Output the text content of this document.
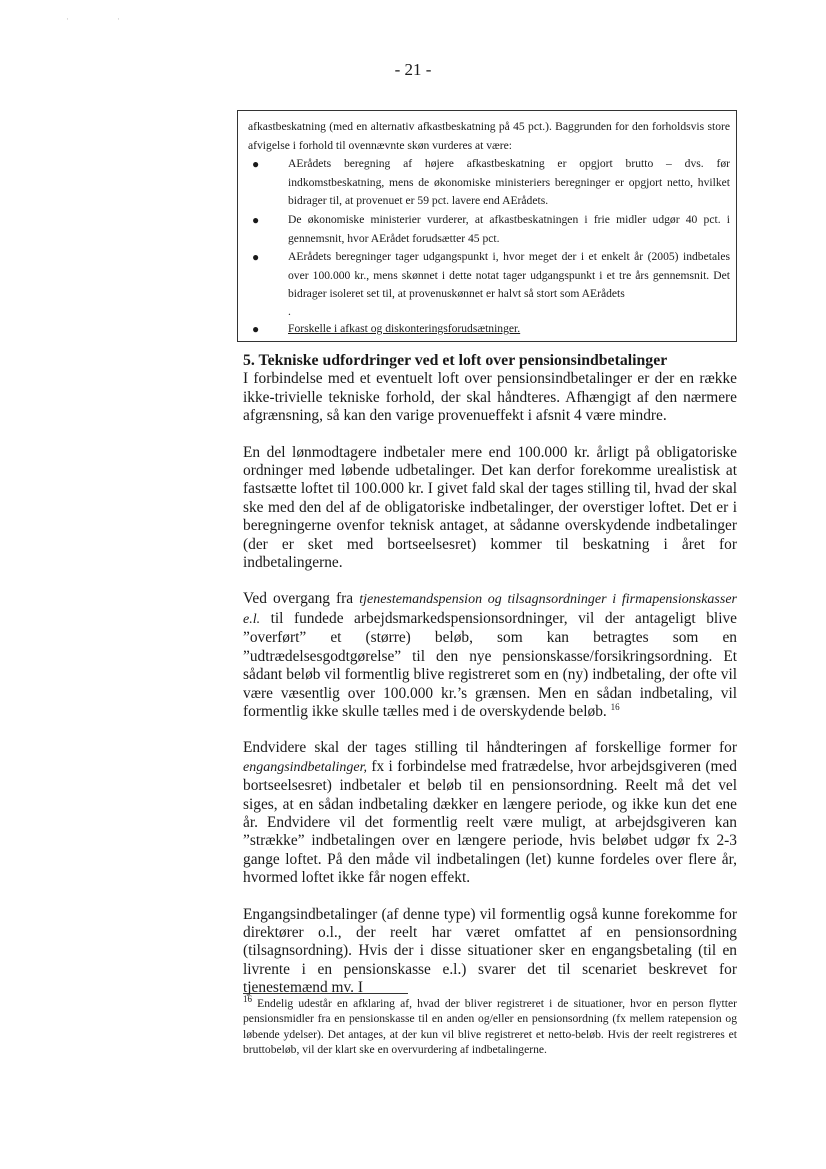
·	·
- 21 -

afkastbeskatning (med en alternativ afkastbeskatning på 45 pct.). Baggrunden for den forholdsvis store afvigelse i forhold til ovennævnte skøn vurderes at være:

● AErådets beregning af højere afkastbeskatning er opgjort brutto – dvs. før indkomstbeskatning, mens de økonomiske ministeriers beregninger er opgjort netto, hvilket bidrager til, at provenuet er 59 pct. lavere end AErådets.
● De økonomiske ministerier vurderer, at afkastbeskatningen i frie midler udgør 40 pct. i gennemsnit, hvor AErådet forudsætter 45 pct.
● AErådets beregninger tager udgangspunkt i, hvor meget der i et enkelt år (2005) indbetales over 100.000 kr., mens skønnet i dette notat tager udgangspunkt i et tre års gennemsnit. Det bidrager isoleret set til, at provenuskønnet er halvt så stort som AErådets
.
● Forskelle i afkast og diskonteringsforudsætninger.
5. Tekniske udfordringer ved et loft over pensionsindbetalinger

I forbindelse med et eventuelt loft over pensionsindbetalinger er der en række ikke-trivielle tekniske forhold, der skal håndteres. Afhængigt af den nærmere afgrænsning, så kan den varige provenueffekt i afsnit 4 være mindre.

En del lønmodtagere indbetaler mere end 100.000 kr. årligt på obligatoriske ordninger med løbende udbetalinger. Det kan derfor forekomme urealistisk at fastsætte loftet til 100.000 kr. I givet fald skal der tages stilling til, hvad der skal ske med den del af de obligatoriske indbetalinger, der overstiger loftet. Det er i beregningerne ovenfor teknisk antaget, at sådanne overskydende indbetalinger (der er sket med bortseelsesret) kommer til beskatning i året for indbetalingerne.

Ved overgang fra tjenestemandspension og tilsagnsordninger i firmapensionskasser e.l. til fundede arbejdsmarkedspensionsordninger, vil der antageligt blive ”overført” et (større) beløb, som kan betragtes som en ”udtrædelsesgodtgørelse” til den nye pensionskasse/forsikringsordning. Et sådant beløb vil formentlig blive registreret som en (ny) indbetaling, der ofte vil være væsentlig over 100.000 kr.’s grænsen. Men en sådan indbetaling, vil formentlig ikke skulle tælles med i de overskydende beløb. $^{16}$

Endvidere skal der tages stilling til håndteringen af forskellige former for engangsindbetalinger, fx i forbindelse med fratrædelse, hvor arbejdsgiveren (med bortseelsesret) indbetaler et beløb til en pensionsordning. Reelt må det vel siges, at en sådan indbetaling dækker en længere periode, og ikke kun det ene år. Endvidere vil det formentlig reelt være muligt, at arbejdsgiveren kan ”strække” indbetalingen over en længere periode, hvis beløbet udgør fx 2-3 gange loftet. På den måde vil indbetalingen (let) kunne fordeles over flere år, hvormed loftet ikke får nogen effekt.

Engangsindbetalinger (af denne type) vil formentlig også kunne forekomme for direktører o.l., der reelt har været omfattet af en pensionsordning (tilsagnsordning). Hvis der i disse situationer sker en engangsbetaling (til en livrente i en pensionskasse e.l.) svarer det til scenariet beskrevet for tjenestemænd mv. I

$^{16}$ Endelig udestår en afklaring af, hvad der bliver registreret i de situationer, hvor en person flytter pensionsmidler fra en pensionskasse til en anden og/eller en pensionsordning (fx mellem ratepension og løbende ydelser). Det antages, at der kun vil blive registreret et netto-beløb. Hvis der reelt registreres et bruttobeløb, vil der klart ske en overvurdering af indbetalingerne.
